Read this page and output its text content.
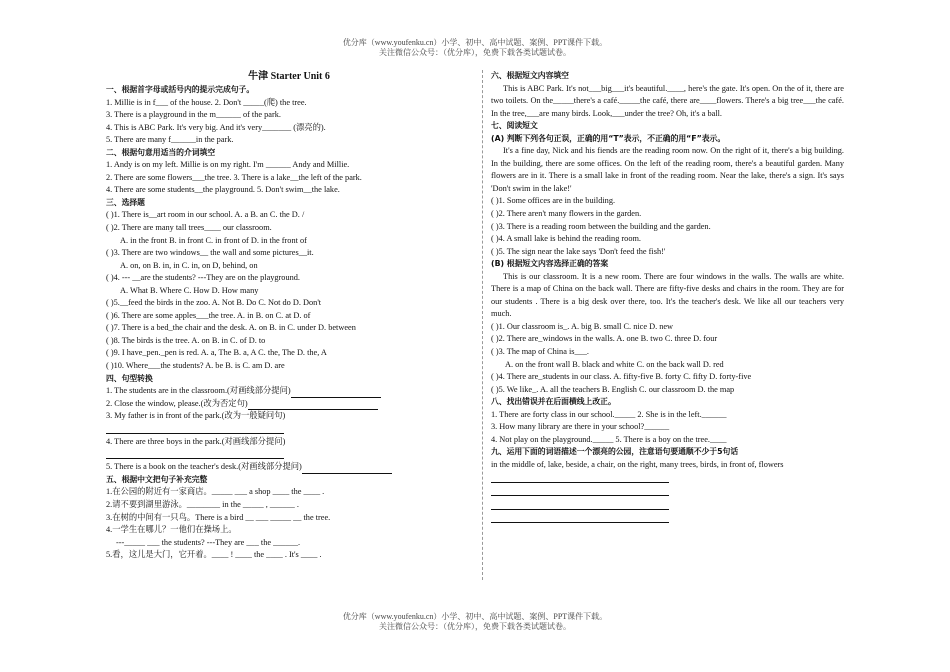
优分库（www.youfenku.cn）小学、初中、高中试题、案例、PPT课件下载。
关注微信公众号：（优分库），免费下载各类试题试卷。
牛津 Starter Unit 6
一、根据首字母或括号内的提示完成句子。
1. Millie is in f___ of the house. 2. Don't _____(爬) the tree.
3. There is a playground in the m______ of the park.
4. This is ABC Park. It's very big. And it's very_______ (漂亮的).
5. There are many f______in the park.
二、根据句意用适当的介词填空
1. Andy is on my left. Millie is on my right. I'm ______ Andy and Millie.
2. There are some flowers___the tree. 3. There is a lake__the left of the park.
4. There are some students__the playground. 5. Don't swim__the lake.
三、选择题
( )1. There is__art room in our school. A. a B. an C. the D. /
( )2. There are many tall trees____ our classroom.
A. in the front B. in front C. in front of D. in the front of
( )3. There are two windows__ the wall and some pictures__it.
A. on, on B. in, in C. in, on D, behind, on
( )4. --- __are the students? ---They are on the playground.
A. What B. Where C. How D. How many
( )5.__feed the birds in the zoo. A. Not B. Do C. Not do D. Don't
( )6. There are some apples___the tree. A. in B. on C. at D. of
( )7. There is a bed_the chair and the desk. A. on B. in C. under D. between
( )8. The birds is the tree. A. on B. in C. of D. to
( )9. I have_pen._pen is red. A. a, The B. a, A C. the, The D. the, A
( )10. Where___the students? A. be B. is C. am D. are
四、句型转换
1. The students are in the classroom.(对画线部分提问)
2. Close the window, please.(改为否定句)
3. My father is in front of the park.(改为一般疑问句)
4. There are three boys in the park.(对画线部分提问)
5. There is a book on the teacher's desk.(对画线部分提问)
五、根据中文把句子补充完整
1.在公园的附近有一家商店。_____ ___ a shop ____ the ____ .
2.请不要到湖里游泳。________ in the _____ , ______ .
3.在树的中间有一只鸟。There is a bird __ ___ _____ __ the tree.
4.一学生在哪儿？一他们在操场上。
---_____ ___ the students? ---They are ___ the ______.
5.看，这儿是大门，它开着。____ ! ____ the ____ . It's ____ .
六、根据短文内容填空
This is ABC Park. It's not___big___it's beautiful.____, here's the gate. It's open. On the of it, there are two toilets. On the_____there's a café._____the café, there are____flowers. There's a big tree___the café. In the tree,___are many birds. Look,___under the tree? Oh, it's a ball.
七、阅读短文
(A) 判断下列各句正误，正确的用“T”表示，不正确的用“F”表示。
It's a fine day, Nick and his fiends are the reading room now. On the right of it, there's a big building. In the building, there are some offices. On the left of the reading room, there's a beautiful garden. Many flowers are in it. There is a small lake in front of the reading room. Near the lake, there's a sign. It's says 'Don't swim in the lake!'
( )1. Some offices are in the building.
( )2. There aren't many flowers in the garden.
( )3. There is a reading room between the building and the garden.
( )4. A small lake is behind the reading room.
( )5. The sign near the lake says 'Don't feed the fish!'
(B) 根据短文内容选择正确的答案
This is our classroom. It is a new room. There are four windows in the walls. The walls are white. There is a map of China on the back wall. There are fifty-five desks and chairs in the room. They are for our students . There is a big desk over there, too. It's the teacher's desk. We like all our teachers very much.
( )1. Our classroom is_. A. big B. small C. nice D. new
( )2. There are_windows in the walls. A. one B. two C. three D. four
( )3. The map of China is___.
A. on the front wall B. black and white C. on the back wall D. red
( )4. There are_students in our class. A. fifty-five B. forty C. fifty D. forty-five
( )5. We like_. A. all the teachers B. English C. our classroom D. the map
八、找出错误并在后面横线上改正。
1. There are forty class in our school._____ 2. She is in the left.______
3. How many library are there in your school?______
4. Not play on the playground._____ 5. There is a boy on the tree.____
九、运用下面的词语描述一个漂亮的公园，注意语句要通顺不少于5句话
in the middle of, lake, beside, a chair, on the right, many trees, birds, in front of, flowers
优分库（www.youfenku.cn）小学、初中、高中试题、案例、PPT课件下载。
关注微信公众号：（优分库），免费下载各类试题试卷。
